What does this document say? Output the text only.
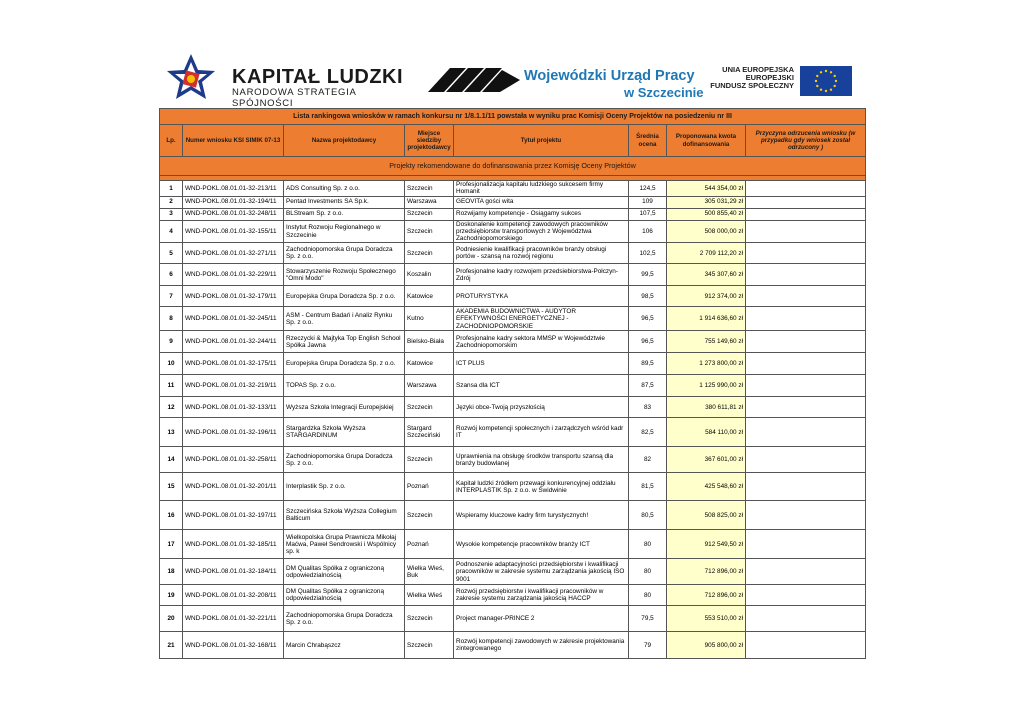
KAPITAŁ LUDZKI
NARODOWA STRATEGIA SPÓJNOŚCI
Wojewódzki Urząd Pracy
w Szczecinie
UNIA EUROPEJSKA
EUROPEJSKI
FUNDUSZ SPOŁECZNY
Lista rankingowa wniosków w ramach konkursu nr 1/8.1.1/11 powstała w wyniku prac Komisji Oceny Projektów na posiedzeniu nr III							
Lp.	Numer wniosku KSI SIMIK 07-13	Nazwa projektodawcy	Miejsce siedziby projektodawcy	Tytuł projektu	Średnia ocena	Proponowana kwota dofinansowania	Przyczyna odrzucenia wniosku (w przypadku gdy wniosek został odrzucony )
Projekty rekomendowane do dofinansowania przez Komisję Oceny Projektów							

1	WND-POKL.08.01.01-32-213/11	ADS Consulting Sp. z o.o.	Szczecin	Profesjonalizacja kapitału ludzkiego sukcesem firmy Homanit	124,5	544 354,00 zł	
2	WND-POKL.08.01.01-32-194/11	Pentad Investments SA Sp.k.	Warszawa	GEOVITA gości wita	109	305 031,29 zł	
3	WND-POKL.08.01.01-32-248/11	BLStream Sp. z o.o.	Szczecin	Rozwijamy kompetencje - Osiągamy sukces	107,5	500 855,40 zł	
4	WND-POKL.08.01.01-32-155/11	Instytut Rozwoju Regionalnego w Szczecinie	Szczecin	Doskonalenie kompetencji zawodowych pracowników przedsiębiorstw transportowych z Województwa Zachodniopomorskiego	106	508 000,00 zł	
5	WND-POKL.08.01.01-32-271/11	Zachodniopomorska Grupa Doradcza Sp. z o.o.	Szczecin	Podniesienie kwalifikacji pracowników branży obsługi portów - szansą na rozwój regionu	102,5	2 709 112,20 zł	
6	WND-POKL.08.01.01-32-229/11	Stowarzyszenie Rozwoju Społecznego "Omni Modo"	Koszalin	Profesjonalne kadry rozwojem przedsiebiorstwa-Połczyn-Zdrój	99,5	345 307,60 zł	
7	WND-POKL.08.01.01-32-179/11	Europejska Grupa Doradcza Sp. z o.o.	Katowice	PROTURYSTYKA	98,5	912 374,00 zł	
8	WND-POKL.08.01.01-32-245/11	ASM - Centrum Badań i Analiz Rynku Sp. z o.o.	Kutno	AKADEMIA BUDOWNICTWA - AUDYTOR EFEKTYWNOŚCI ENERGETYCZNEJ - ZACHODNIOPOMORSKIE	96,5	1 914 636,60 zł	
9	WND-POKL.08.01.01-32-244/11	Rzeczycki & Majtyka Top English School Spółka Jawna	Bielsko-Biała	Profesjonalne kadry sektora MMSP w Województwie Zachodniopomorskim	96,5	755 149,60 zł	
10	WND-POKL.08.01.01-32-175/11	Europejska Grupa Doradcza Sp. z o.o.	Katowice	ICT PLUS	89,5	1 273 800,00 zł	
11	WND-POKL.08.01.01-32-219/11	TOPAS Sp. z o.o.	Warszawa	Szansa dla ICT	87,5	1 125 990,00 zł	
12	WND-POKL.08.01.01-32-133/11	Wyższa Szkoła Integracji Europejskiej	Szczecin	Języki obce-Twoją przyszłością	83	380 611,81 zł	
13	WND-POKL.08.01.01-32-196/11	Stargardzka Szkoła Wyższa STARGARDINUM	Stargard Szczeciński	Rozwój kompetencji społecznych i zarządczych wśród kadr IT	82,5	584 110,00 zł	
14	WND-POKL.08.01.01-32-258/11	Zachodniopomorska Grupa Doradcza Sp. z o.o.	Szczecin	Uprawnienia na obsługę środków transportu szansą dla branży budowlanej	82	367 601,00 zł	
15	WND-POKL.08.01.01-32-201/11	Interplastik Sp. z o.o.	Poznań	Kapitał ludzki źródłem przewagi konkurencyjnej oddziału INTERPLASTIK Sp. z o.o. w Świdwinie	81,5	425 548,60 zł	
16	WND-POKL.08.01.01-32-197/11	Szczecińska Szkoła Wyższa Collegium Balticum	Szczecin	Wspieramy kluczowe kadry firm turystycznych!	80,5	508 825,00 zł	
17	WND-POKL.08.01.01-32-185/11	Wielkopolska Grupa Prawnicza Mikołaj Maćwa, Paweł Sendrowski i Wspólnicy sp. k	Poznań	Wysokie kompetencje pracowników branży ICT	80	912 549,50 zł	
18	WND-POKL.08.01.01-32-184/11	DM Qualitas Spółka z ograniczoną odpowiedzialnością	Wielka Wieś, Buk	Podnoszenie adaptacyjności przedsiębiorstw i kwalifikacji pracowników w zakresie systemu zarządzania jakością ISO 9001	80	712 896,00 zł	
19	WND-POKL.08.01.01-32-208/11	DM Qualitas Spółka z ograniczoną odpowiedzialnością	Wielka Wieś	Rozwój przedsiębiorstw i kwalifikacji pracowników w zakresie systemu zarządzania jakością HACCP	80	712 896,00 zł	
20	WND-POKL.08.01.01-32-221/11	Zachodniopomorska Grupa Doradcza Sp. z o.o.	Szczecin	Project manager-PRINCE 2	79,5	553 510,00 zł	
21	WND-POKL.08.01.01-32-168/11	Marcin Chrabąszcz	Szczecin	Rozwój kompetencji zawodowych w zakresie projektowania zintegrowanego	79	905 800,00 zł	
